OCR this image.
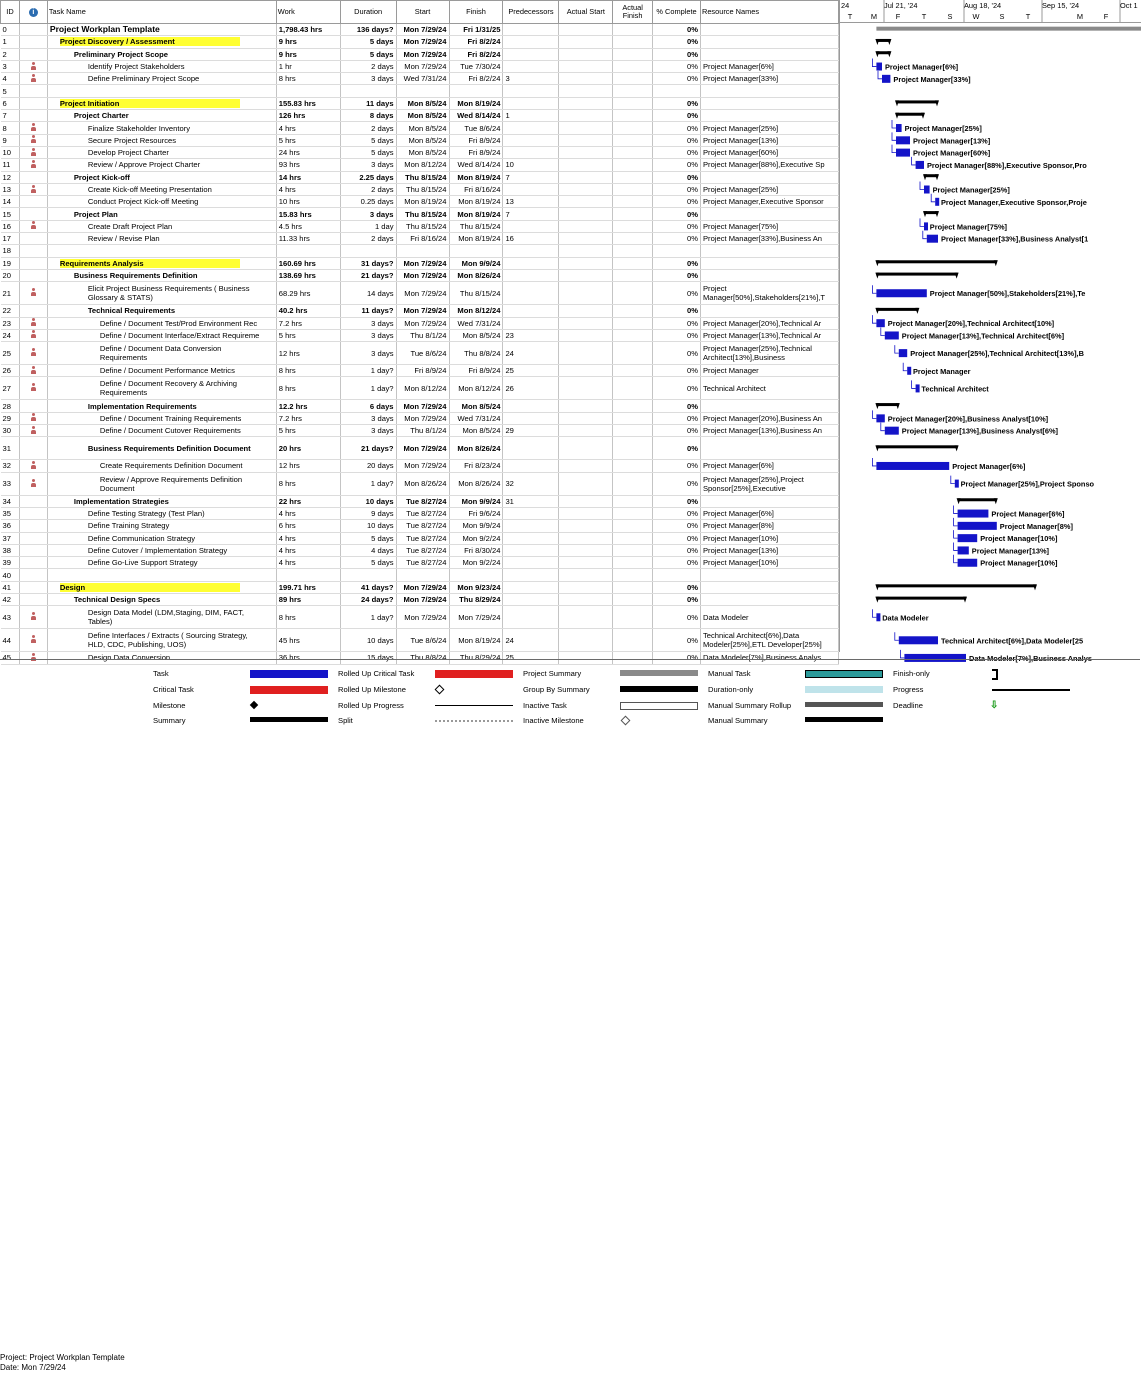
ID	i	Task Name	Work	Duration	Start	Finish	Predecessors	Actual Start	Actual Finish	% Complete	Resource Names
0		Project Workplan Template	1,798.43 hrs	136 days?	Mon 7/29/24	Fri 1/31/25				0%	
1		Project Discovery / Assessment	9 hrs	5 days	Mon 7/29/24	Fri 8/2/24				0%	
2		Preliminary Project Scope	9 hrs	5 days	Mon 7/29/24	Fri 8/2/24				0%	
3		Identify Project Stakeholders	1 hr	2 days	Mon 7/29/24	Tue 7/30/24				0%	Project Manager[6%]
4		Define Preliminary Project Scope	8 hrs	3 days	Wed 7/31/24	Fri 8/2/24	3			0%	Project Manager[33%]
5											
6		Project Initiation	155.83 hrs	11 days	Mon 8/5/24	Mon 8/19/24				0%	
7		Project Charter	126 hrs	8 days	Mon 8/5/24	Wed 8/14/24	1			0%	
8		Finalize Stakeholder Inventory	4 hrs	2 days	Mon 8/5/24	Tue 8/6/24				0%	Project Manager[25%]
9		Secure Project Resources	5 hrs	5 days	Mon 8/5/24	Fri 8/9/24				0%	Project Manager[13%]
10		Develop Project Charter	24 hrs	5 days	Mon 8/5/24	Fri 8/9/24				0%	Project Manager[60%]
11		Review / Approve Project Charter	93 hrs	3 days	Mon 8/12/24	Wed 8/14/24	10			0%	Project Manager[88%],Executive Sp
12		Project Kick-off	14 hrs	2.25 days	Thu 8/15/24	Mon 8/19/24	7			0%	
13		Create Kick-off Meeting Presentation	4 hrs	2 days	Thu 8/15/24	Fri 8/16/24				0%	Project Manager[25%]
14		Conduct Project Kick-off Meeting	10 hrs	0.25 days	Mon 8/19/24	Mon 8/19/24	13			0%	Project Manager,Executive Sponsor
15		Project Plan	15.83 hrs	3 days	Thu 8/15/24	Mon 8/19/24	7			0%	
16		Create Draft Project Plan	4.5 hrs	1 day	Thu 8/15/24	Thu 8/15/24				0%	Project Manager[75%]
17		Review / Revise Plan	11.33 hrs	2 days	Fri 8/16/24	Mon 8/19/24	16			0%	Project Manager[33%],Business An
18											
19		Requirements Analysis	160.69 hrs	31 days?	Mon 7/29/24	Mon 9/9/24				0%	
20		Business Requirements Definition	138.69 hrs	21 days?	Mon 7/29/24	Mon 8/26/24				0%	
21		Elicit Project Business Requirements ( Business
Glossary & STATS)	68.29 hrs	14 days	Mon 7/29/24	Thu 8/15/24				0%	Project
Manager[50%],Stakeholders[21%],T
22		Technical Requirements	40.2 hrs	11 days?	Mon 7/29/24	Mon 8/12/24				0%	
23		Define / Document Test/Prod Environment Rec	7.2 hrs	3 days	Mon 7/29/24	Wed 7/31/24				0%	Project Manager[20%],Technical Ar
24		Define / Document Interface/Extract Requireme	5 hrs	3 days	Thu 8/1/24	Mon 8/5/24	23			0%	Project Manager[13%],Technical Ar
25		Define / Document Data Conversion
Requirements	12 hrs	3 days	Tue 8/6/24	Thu 8/8/24	24			0%	Project Manager[25%],Technical
Architect[13%],Business
26		Define / Document Performance Metrics	8 hrs	1 day?	Fri 8/9/24	Fri 8/9/24	25			0%	Project Manager
27		Define / Document Recovery & Archiving
Requirements	8 hrs	1 day?	Mon 8/12/24	Mon 8/12/24	26			0%	Technical Architect
28		Implementation Requirements	12.2 hrs	6 days	Mon 7/29/24	Mon 8/5/24				0%	
29		Define / Document Training Requirements	7.2 hrs	3 days	Mon 7/29/24	Wed 7/31/24				0%	Project Manager[20%],Business An
30		Define / Document Cutover Requirements	5 hrs	3 days	Thu 8/1/24	Mon 8/5/24	29			0%	Project Manager[13%],Business An
31		Business Requirements Definition Document	20 hrs	21 days?	Mon 7/29/24	Mon 8/26/24				0%	
32		Create Requirements Definition Document	12 hrs	20 days	Mon 7/29/24	Fri 8/23/24				0%	Project Manager[6%]
33		Review / Approve Requirements Definition
Document	8 hrs	1 day?	Mon 8/26/24	Mon 8/26/24	32			0%	Project Manager[25%],Project
Sponsor[25%],Executive
34		Implementation Strategies	22 hrs	10 days	Tue 8/27/24	Mon 9/9/24	31			0%	
35		Define Testing Strategy (Test Plan)	4 hrs	9 days	Tue 8/27/24	Fri 9/6/24				0%	Project Manager[6%]
36		Define Training Strategy	6 hrs	10 days	Tue 8/27/24	Mon 9/9/24				0%	Project Manager[8%]
37		Define Communication Strategy	4 hrs	5 days	Tue 8/27/24	Mon 9/2/24				0%	Project Manager[10%]
38		Define Cutover / Implementation Strategy	4 hrs	4 days	Tue 8/27/24	Fri 8/30/24				0%	Project Manager[13%]
39		Define Go-Live Support Strategy	4 hrs	5 days	Tue 8/27/24	Mon 9/2/24				0%	Project Manager[10%]
40											
41		Design	199.71 hrs	41 days?	Mon 7/29/24	Mon 9/23/24				0%	
42		Technical Design Specs	89 hrs	24 days?	Mon 7/29/24	Thu 8/29/24				0%	
43		Design Data Model (LDM,Staging, DIM, FACT,
Tables)	8 hrs	1 day?	Mon 7/29/24	Mon 7/29/24				0%	Data Modeler
44		Define Interfaces / Extracts ( Sourcing Strategy,
HLD, CDC, Publishing, UOS)	45 hrs	10 days	Tue 8/6/24	Mon 8/19/24	24			0%	Technical Architect[6%],Data
Modeler[25%],ETL Developer[25%]
45		Design Data Conversion	36 hrs	15 days	Thu 8/8/24	Thu 8/29/24	25			0%	Data Modeler[7%],Business Analys
24	Jul 21, '24	Aug 18, '24	Sep 15, '24	Oct 1
T	M	F	T	S	W	S	T	M	F
Project Manager[6%]
Project Manager[33%]
Project Manager[25%]
Project Manager[13%]
Project Manager[60%]
Project Manager[88%],Executive Sponsor,Pro
Project Manager[25%]
Project Manager,Executive Sponsor,Proje
Project Manager[75%]
Project Manager[33%],Business Analyst[1
Project Manager[50%],Stakeholders[21%],Te
Project Manager[20%],Technical Architect[10%]
Project Manager[13%],Technical Architect[6%]
Project Manager[25%],Technical Architect[13%],B
Project Manager
Technical Architect
Project Manager[20%],Business Analyst[10%]
Project Manager[13%],Business Analyst[6%]
Project Manager[6%]
Project Manager[25%],Project Sponso
Project Manager[6%]
Project Manager[8%]
Project Manager[10%]
Project Manager[13%]
Project Manager[10%]
Data Modeler
Technical Architect[6%],Data Modeler[25
Data Modeler[7%],Business Analys
Project: Project Workplan Template
Date: Mon 7/29/24
Task
Critical Task
Milestone
Summary
Rolled Up Critical Task
Rolled Up Milestone
Rolled Up Progress
Split
Project Summary
Group By Summary
Inactive Task
Inactive Milestone
Manual Task
Duration-only
Manual Summary Rollup
Manual Summary
Finish-only
Progress
Deadline	⇩
